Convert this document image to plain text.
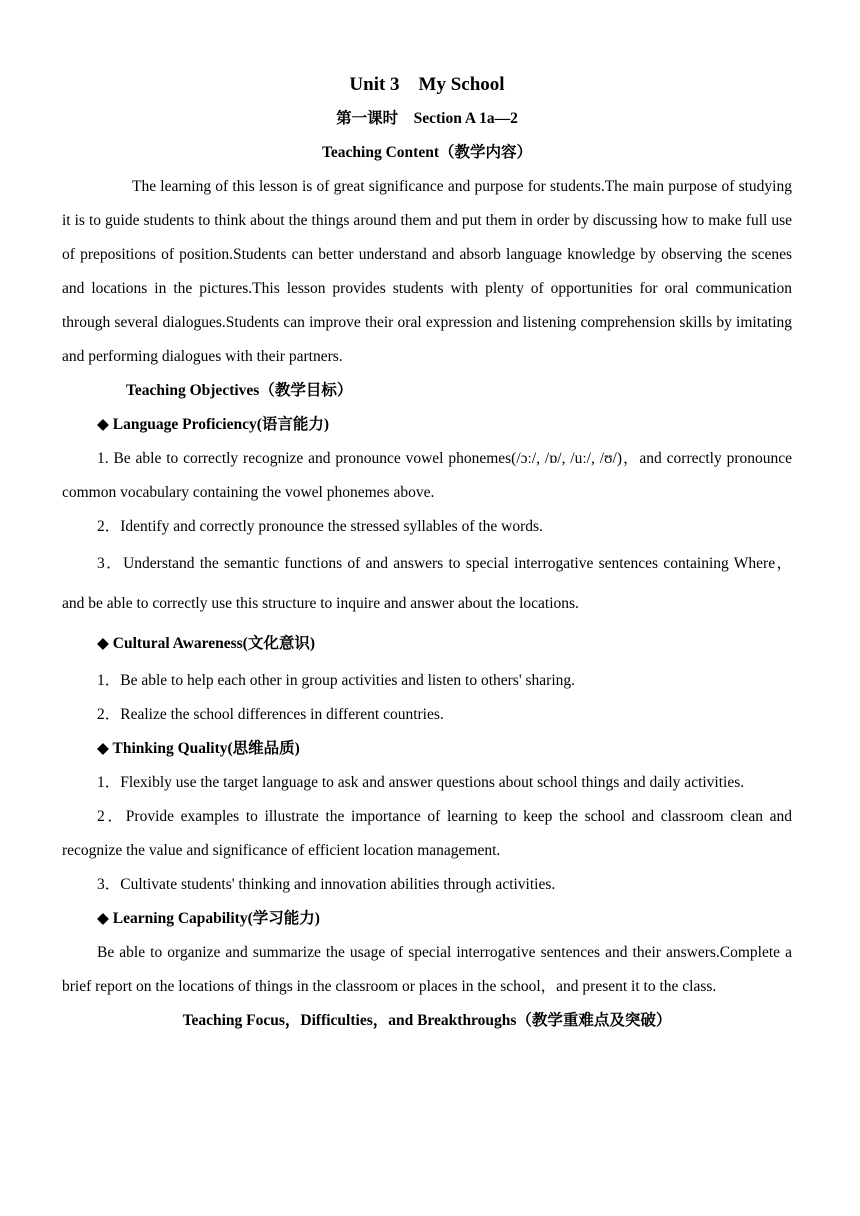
Unit 3    My School

第一课时    Section A 1a—2

Teaching Content（教学内容）

The learning of this lesson is of great significance and purpose for students.The main purpose of studying it is to guide students to think about the things around them and put them in order by discussing how to make full use of prepositions of position.Students can better understand and absorb language knowledge by observing the scenes and locations in the pictures.This lesson provides students with plenty of opportunities for oral communication through several dialogues.Students can improve their oral expression and listening comprehension skills by imitating and performing dialogues with their partners.

Teaching Objectives（教学目标）

◆ Language Proficiency(语言能力)

1. Be able to correctly recognize and pronounce vowel phonemes(/ɔː/, /ɒ/, /uː/, /ʊ/)，and correctly pronounce common vocabulary containing the vowel phonemes above.

2．Identify and correctly pronounce the stressed syllables of the words.

3．Understand the semantic functions of and answers to special interrogative sentences containing Where，and be able to correctly use this structure to inquire and answer about the locations.

◆ Cultural Awareness(文化意识)

1．Be able to help each other in group activities and listen to others' sharing.

2．Realize the school differences in different countries.

◆ Thinking Quality(思维品质)

1．Flexibly use the target language to ask and answer questions about school things and daily activities.

2．Provide examples to illustrate the importance of learning to keep the school and classroom clean and recognize the value and significance of efficient location management.

3．Cultivate students' thinking and innovation abilities through activities.

◆ Learning Capability(学习能力)

Be able to organize and summarize the usage of special interrogative sentences and their answers.Complete a brief report on the locations of things in the classroom or places in the school，and present it to the class.

Teaching Focus，Difficulties，and Breakthroughs（教学重难点及突破）
